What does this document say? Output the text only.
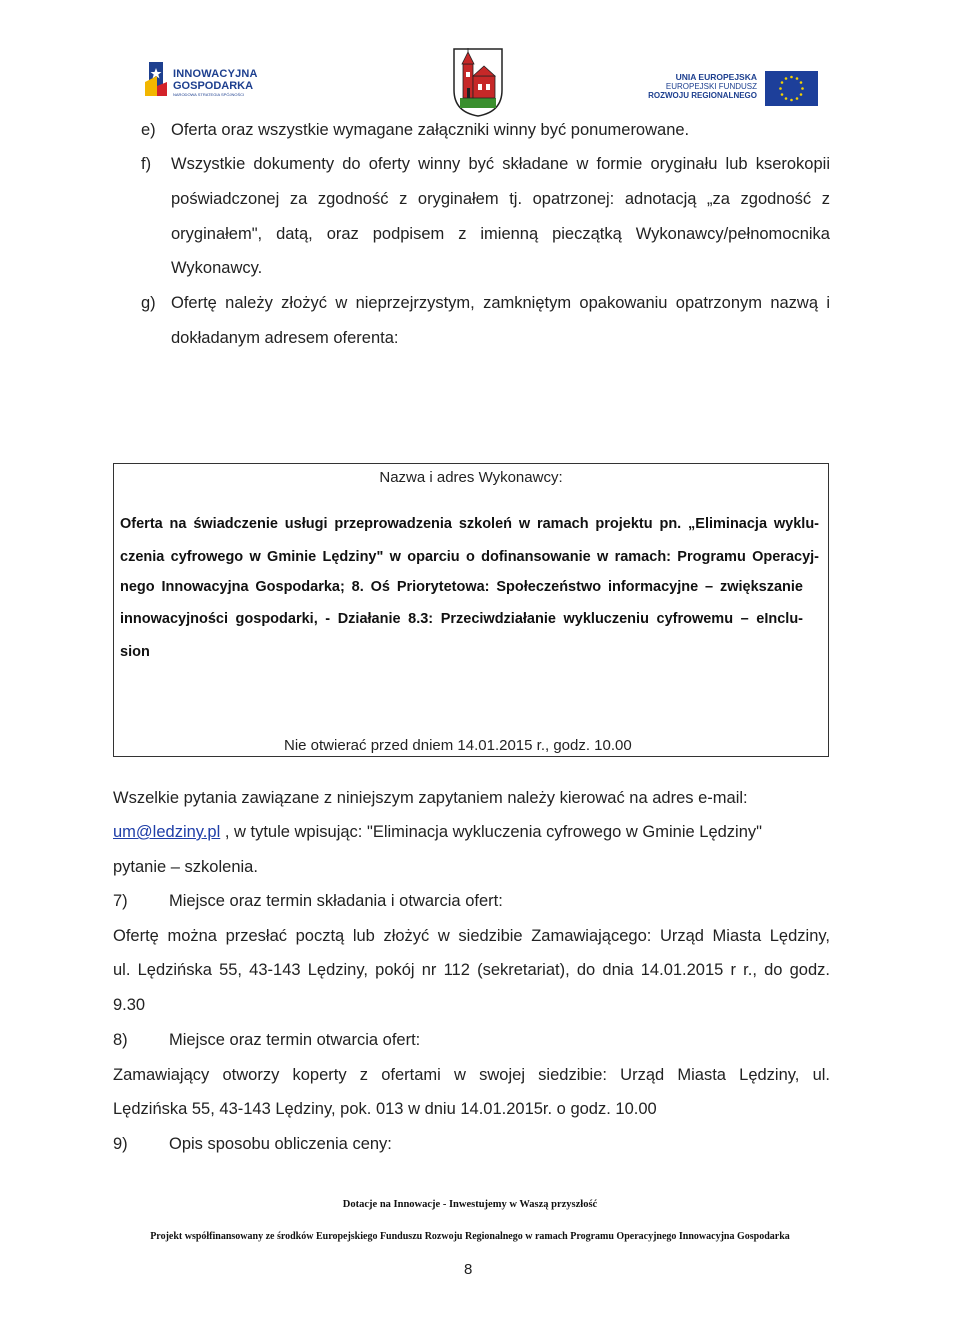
INNOWACYJNA
GOSPODARKA
NARODOWA STRATEGIA SPÓJNOŚCI
UNIA EUROPEJSKA
EUROPEJSKI FUNDUSZ
ROZWOJU REGIONALNEGO
e) Oferta oraz wszystkie wymagane załączniki winny być ponumerowane.
f) Wszystkie dokumenty do oferty winny być składane w formie oryginału lub kserokopii
poświadczonej za zgodność z oryginałem tj. opatrzonej: adnotacją „za zgodność z
oryginałem", datą, oraz podpisem z imienną pieczątką Wykonawcy/pełnomocnika
Wykonawcy.
g) Ofertę należy złożyć w nieprzejrzystym, zamkniętym opakowaniu opatrzonym nazwą i
dokładanym adresem oferenta:
Nazwa i adres Wykonawcy:
Oferta na świadczenie usługi przeprowadzenia szkoleń w ramach projektu pn. „Eliminacja wyklu-
czenia cyfrowego w Gminie Lędziny" w oparciu o dofinansowanie w ramach: Programu Operacyj-
nego Innowacyjna Gospodarka; 8. Oś Priorytetowa: Społeczeństwo informacyjne – zwiększanie
innowacyjności gospodarki, - Działanie 8.3: Przeciwdziałanie wykluczeniu cyfrowemu – eInclu-
sion
Nie otwierać przed dniem 14.01.2015 r., godz. 10.00
Wszelkie pytania zawiązane z niniejszym zapytaniem należy kierować na adres e-mail:
um@ledziny.pl , w tytule wpisując: "Eliminacja wykluczenia cyfrowego w Gminie Lędziny"
pytanie – szkolenia.
7)	Miejsce oraz termin składania i otwarcia ofert:
Ofertę można przesłać pocztą lub złożyć w siedzibie Zamawiającego: Urząd Miasta Lędziny,
ul. Lędzińska 55, 43-143 Lędziny, pokój nr 112 (sekretariat), do dnia 14.01.2015 r r., do godz.
9.30
8)	Miejsce oraz termin otwarcia ofert:
Zamawiający otworzy koperty z ofertami w swojej siedzibie: Urząd Miasta Lędziny, ul.
Lędzińska 55, 43-143 Lędziny, pok. 013 w dniu 14.01.2015r. o godz. 10.00
9)	Opis sposobu obliczenia ceny:
Dotacje na Innowacje - Inwestujemy w Waszą przyszłość
Projekt współfinansowany ze środków Europejskiego Funduszu Rozwoju Regionalnego w ramach Programu Operacyjnego Innowacyjna Gospodarka
8
